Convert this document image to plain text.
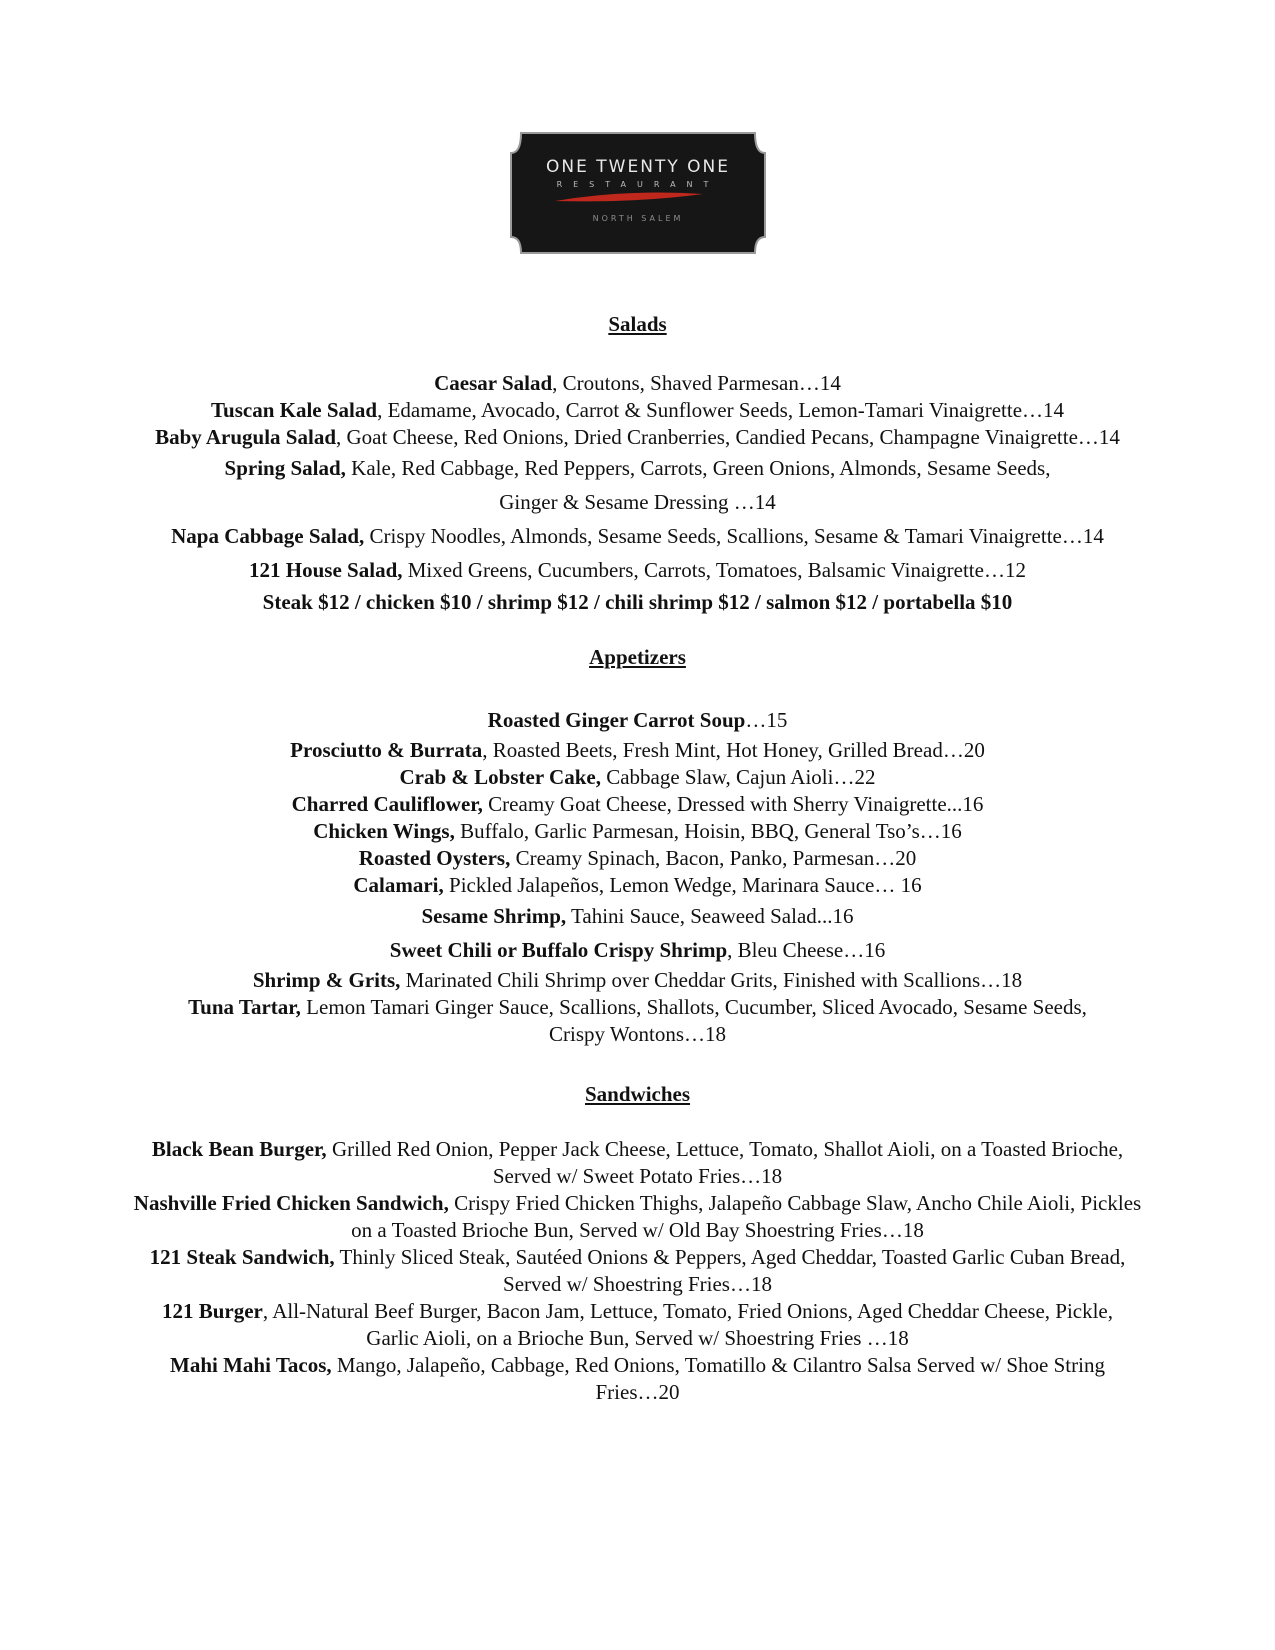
ONE TWENTY ONE
RESTAURANT
NORTH SALEM
Salads
Caesar Salad, Croutons, Shaved Parmesan…14
Tuscan Kale Salad, Edamame, Avocado, Carrot & Sunflower Seeds, Lemon-Tamari Vinaigrette…14
Baby Arugula Salad, Goat Cheese, Red Onions, Dried Cranberries, Candied Pecans, Champagne Vinaigrette…14
Spring Salad, Kale, Red Cabbage, Red Peppers, Carrots, Green Onions, Almonds, Sesame Seeds,
Ginger & Sesame Dressing …14
Napa Cabbage Salad, Crispy Noodles, Almonds, Sesame Seeds, Scallions, Sesame & Tamari Vinaigrette…14
121 House Salad, Mixed Greens, Cucumbers, Carrots, Tomatoes, Balsamic Vinaigrette…12
Steak $12 / chicken $10 / shrimp $12 / chili shrimp $12 / salmon $12 / portabella $10
Appetizers
Roasted Ginger Carrot Soup…15
Prosciutto & Burrata, Roasted Beets, Fresh Mint, Hot Honey, Grilled Bread…20
Crab & Lobster Cake, Cabbage Slaw, Cajun Aioli…22
Charred Cauliflower, Creamy Goat Cheese, Dressed with Sherry Vinaigrette...16
Chicken Wings, Buffalo, Garlic Parmesan, Hoisin, BBQ, General Tso’s…16
Roasted Oysters, Creamy Spinach, Bacon, Panko, Parmesan…20
Calamari, Pickled Jalapeños, Lemon Wedge, Marinara Sauce… 16
Sesame Shrimp, Tahini Sauce, Seaweed Salad...16
Sweet Chili or Buffalo Crispy Shrimp, Bleu Cheese…16
Shrimp & Grits, Marinated Chili Shrimp over Cheddar Grits, Finished with Scallions…18
Tuna Tartar, Lemon Tamari Ginger Sauce, Scallions, Shallots, Cucumber, Sliced Avocado, Sesame Seeds,
Crispy Wontons…18
Sandwiches
Black Bean Burger, Grilled Red Onion, Pepper Jack Cheese, Lettuce, Tomato, Shallot Aioli, on a Toasted Brioche,
Served w/ Sweet Potato Fries…18
Nashville Fried Chicken Sandwich, Crispy Fried Chicken Thighs, Jalapeño Cabbage Slaw, Ancho Chile Aioli, Pickles
on a Toasted Brioche Bun, Served w/ Old Bay Shoestring Fries…18
121 Steak Sandwich, Thinly Sliced Steak, Sautéed Onions & Peppers, Aged Cheddar, Toasted Garlic Cuban Bread,
Served w/ Shoestring Fries…18
121 Burger, All-Natural Beef Burger, Bacon Jam, Lettuce, Tomato, Fried Onions, Aged Cheddar Cheese, Pickle,
Garlic Aioli, on a Brioche Bun, Served w/ Shoestring Fries …18
Mahi Mahi Tacos, Mango, Jalapeño, Cabbage, Red Onions, Tomatillo & Cilantro Salsa Served w/ Shoe String
Fries…20
